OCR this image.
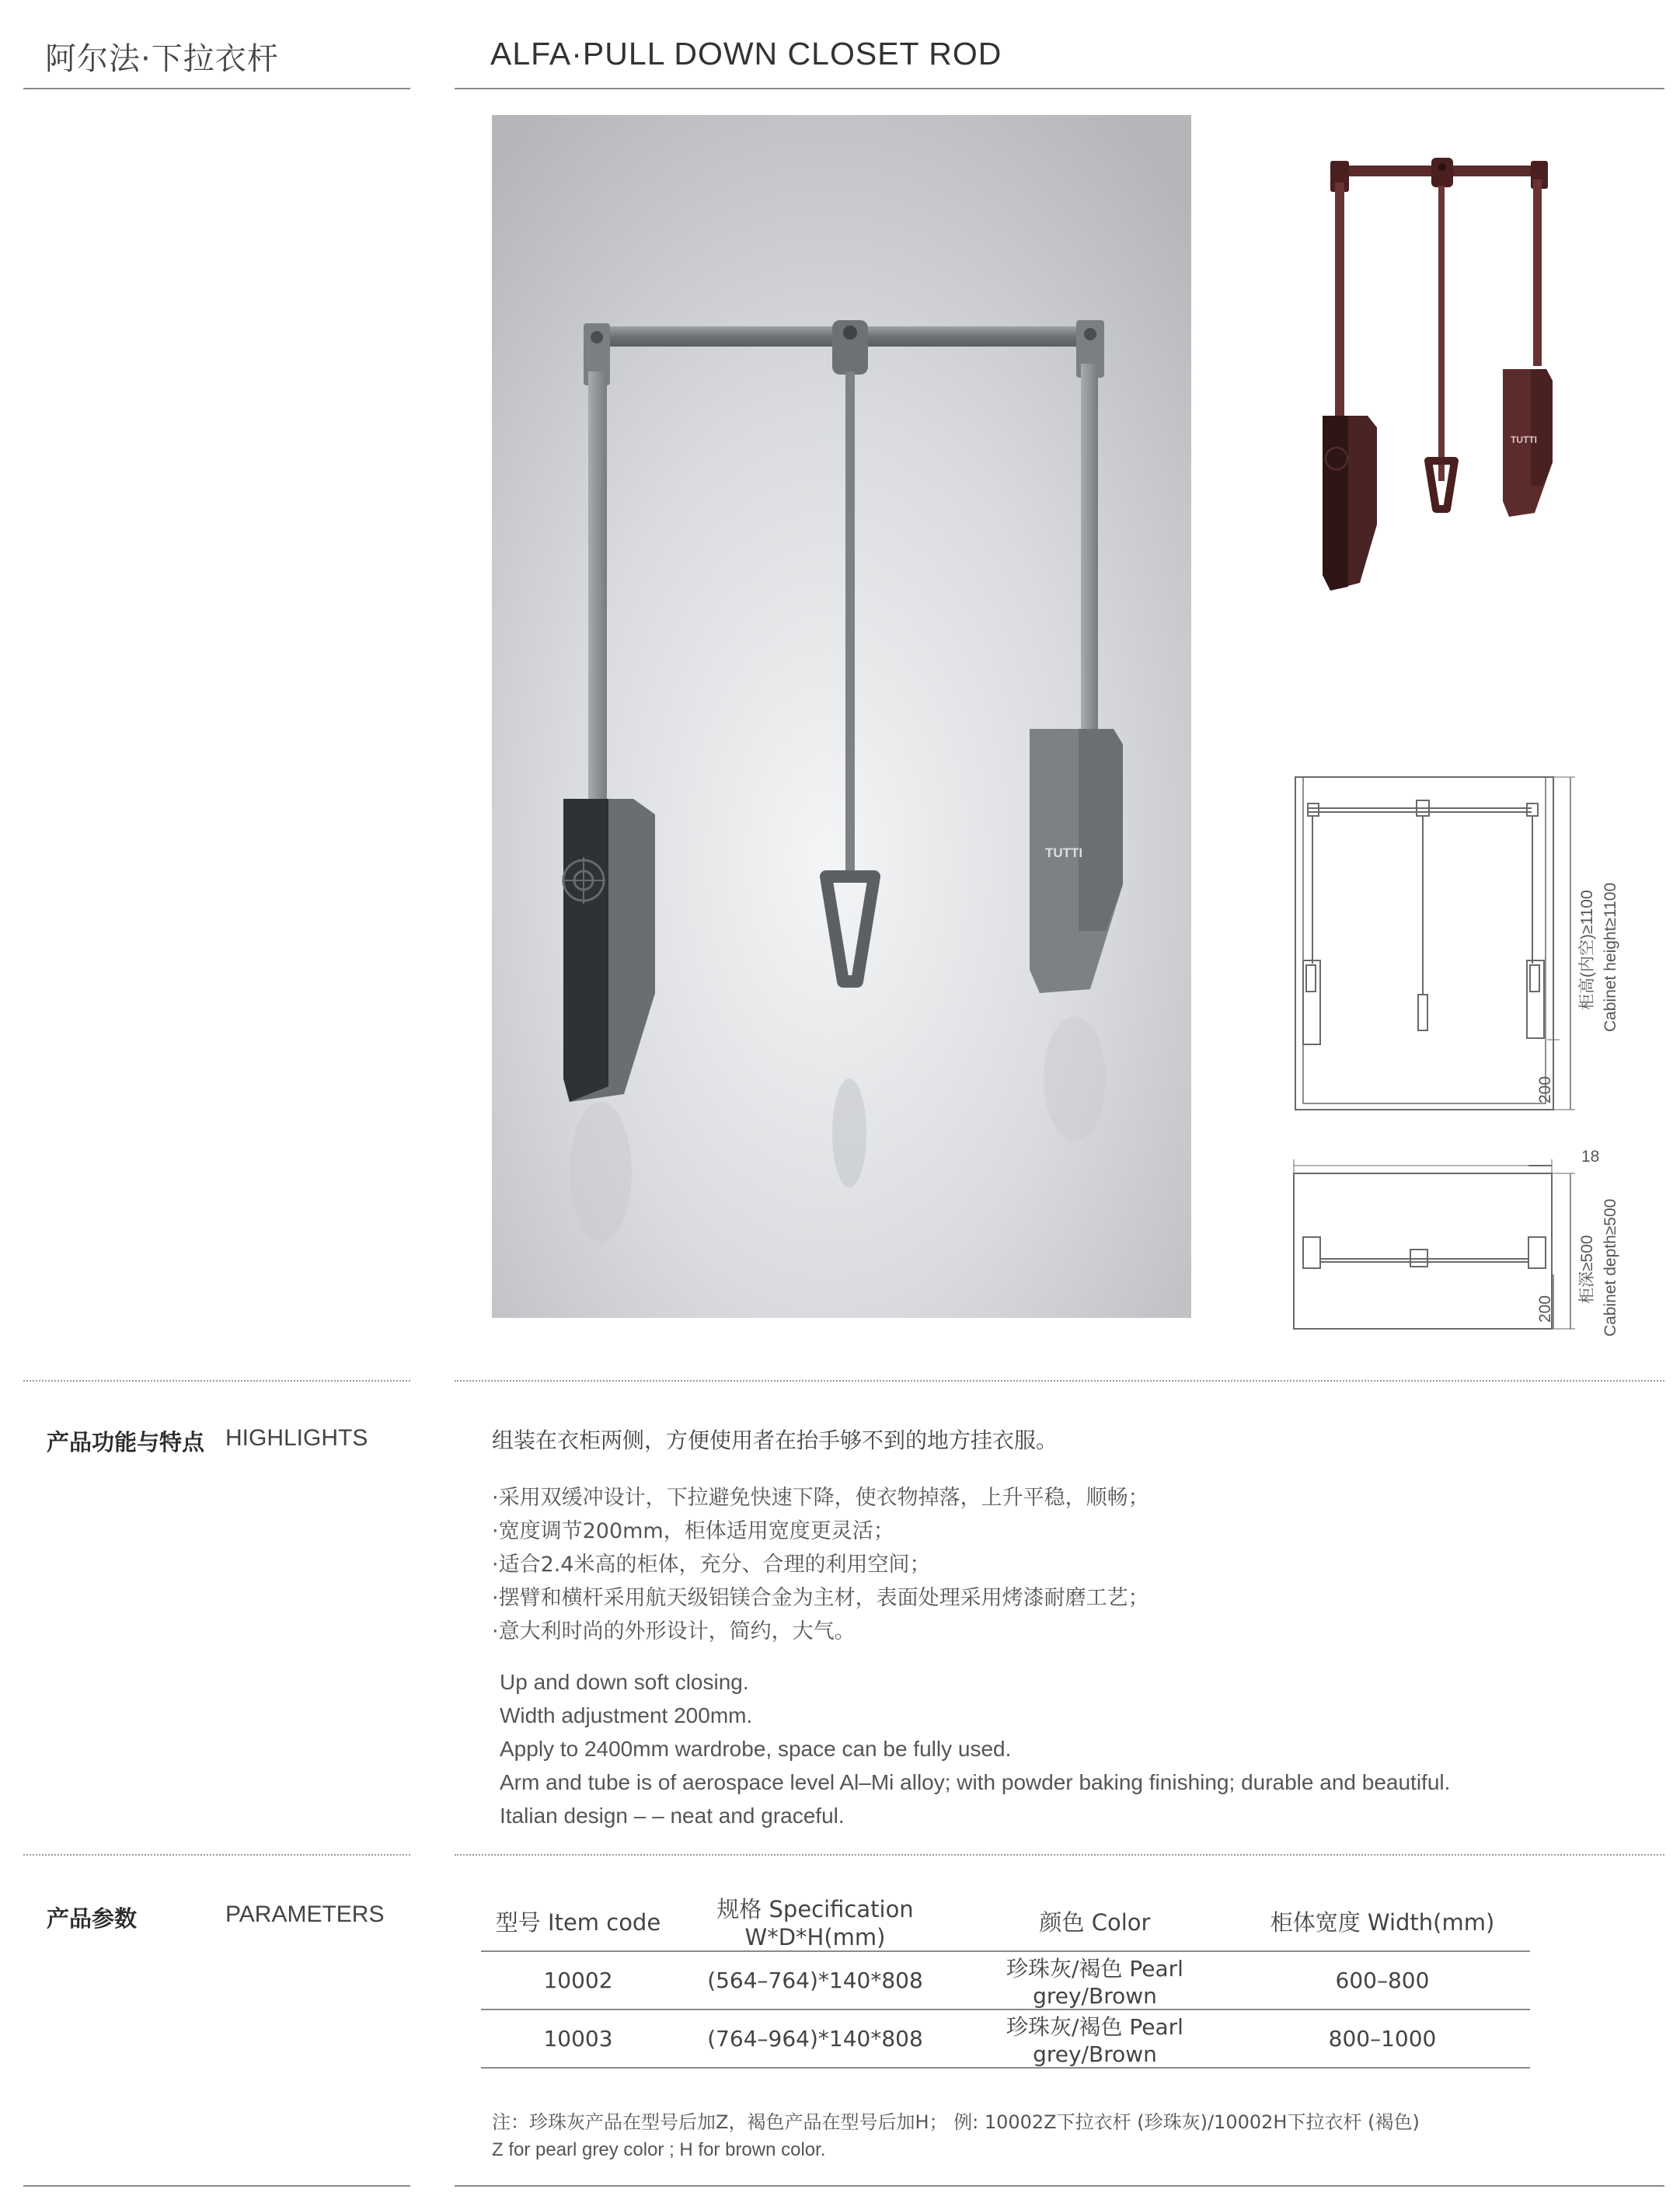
阿尔法·下拉衣杆	ALFA·PULL DOWN CLOSET ROD
TUTTI
TUTTI
18
200
柜高(内空)≥1100 Cabinet height≥1100
200
柜深≥500 Cabinet depth≥500
产品功能与特点 HIGHLIGHTS	组装在衣柜两侧，方便使用者在抬手够不到的地方挂衣服。
·采用双缓冲设计，下拉避免快速下降，使衣物掉落，上升平稳，顺畅；
·宽度调节200mm，柜体适用宽度更灵活；
·适合2.4米高的柜体，充分、合理的利用空间；
·摆臂和横杆采用航天级铝镁合金为主材，表面处理采用烤漆耐磨工艺；
·意大利时尚的外形设计，简约，大气。
Up and down soft closing.
Width adjustment 200mm.
Apply to 2400mm wardrobe, space can be fully used.
Arm and tube is of aerospace level Al–Mi alloy; with powder baking finishing; durable and beautiful.
Italian design – – neat and graceful.
产品参数	PARAMETERS	型号 Item code	规格 Specification W*D*H(mm)	颜色 Color	柜体宽度 Width(mm)
10002	(564–764)*140*808	珍珠灰/褐色 Pearl grey/Brown	600–800
10003	(764–964)*140*808	珍珠灰/褐色 Pearl grey/Brown	800–1000
注：珍珠灰产品在型号后加Z，褐色产品在型号后加H； 例: 10002Z下拉衣杆 (珍珠灰)/10002H下拉衣杆 (褐色)
Z for pearl grey color ; H for brown color.
